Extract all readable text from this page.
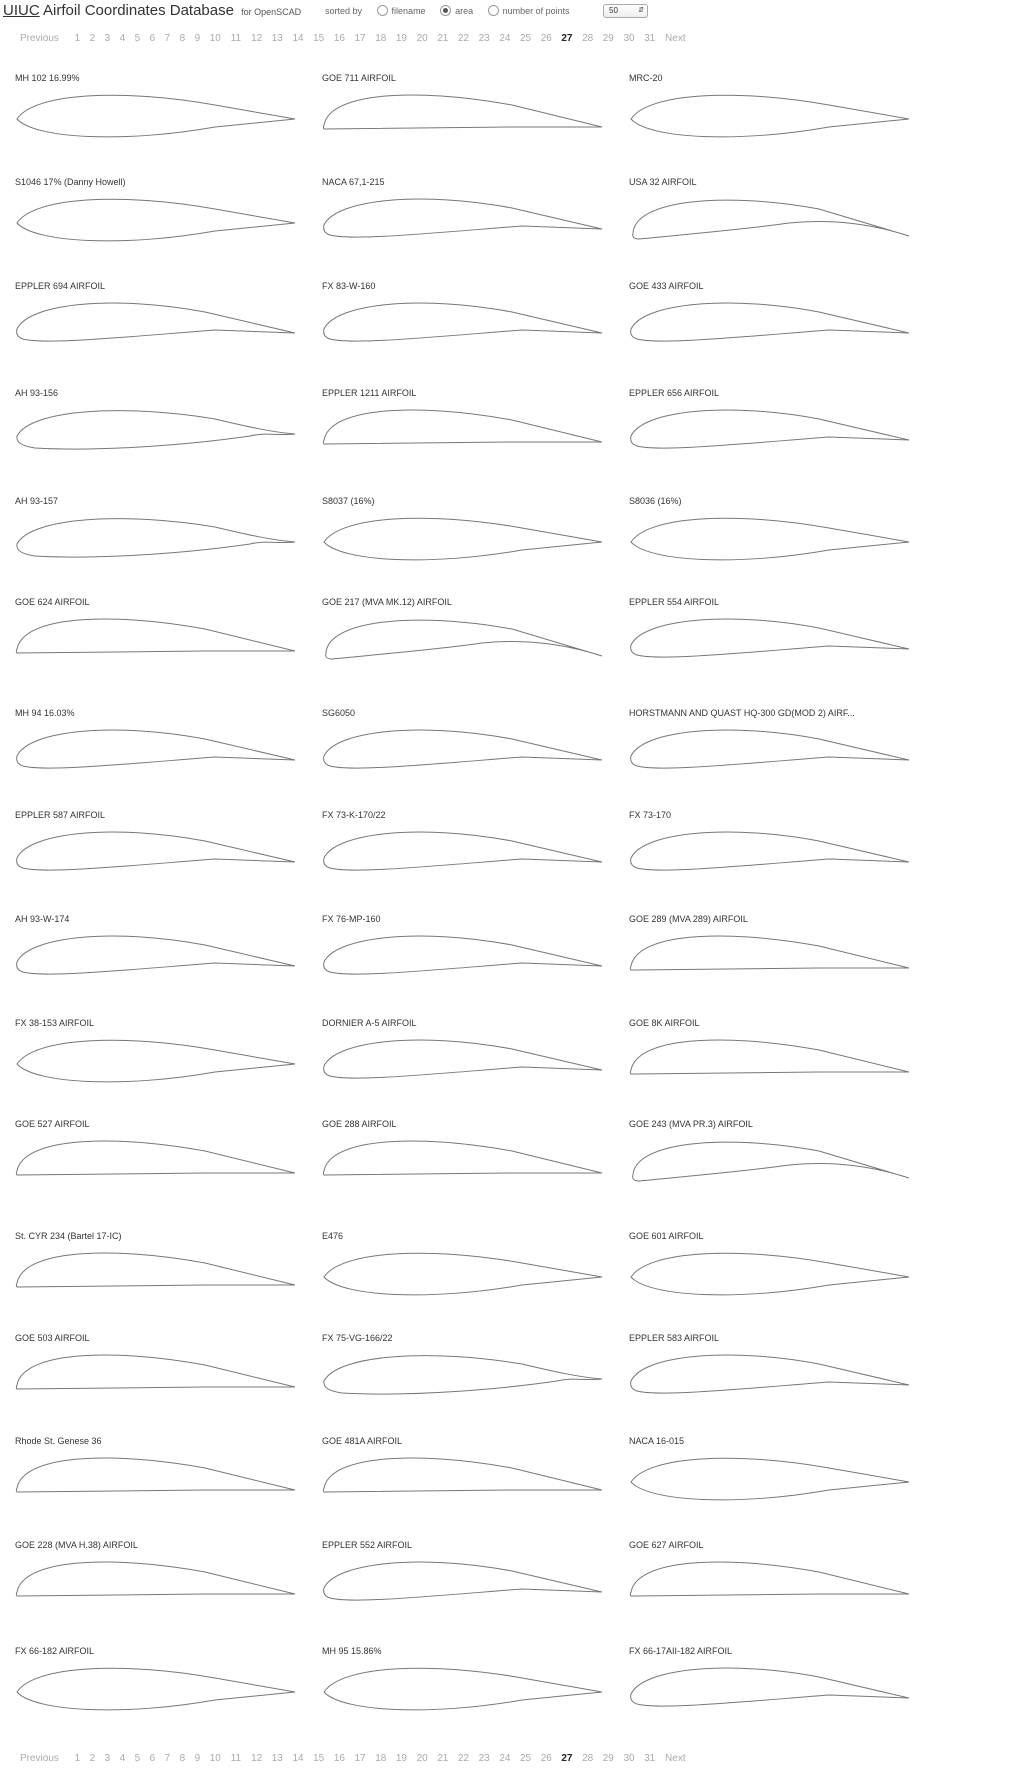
UIUC Airfoil Coordinates Database for OpenSCAD	sorted by	filename	area	number of points	50	⇵
Previous 1 2 3 4 5 6 7 8 9 10 11 12 13 14 15 16 17 18 19 20 21 22 23 24 25 26 27 28 29 30 31 Next
MH 102 16.99%	GOE 711 AIRFOIL	MRC-20
S1046 17% (Danny Howell)	NACA 67,1-215	USA 32 AIRFOIL
EPPLER 694 AIRFOIL	FX 83-W-160	GOE 433 AIRFOIL
AH 93-156	EPPLER 1211 AIRFOIL	EPPLER 656 AIRFOIL
AH 93-157	S8037 (16%)	S8036 (16%)
GOE 624 AIRFOIL	GOE 217 (MVA MK.12) AIRFOIL	EPPLER 554 AIRFOIL
MH 94 16.03%	SG6050	HORSTMANN AND QUAST HQ-300 GD(MOD 2) AIRF...
EPPLER 587 AIRFOIL	FX 73-K-170/22	FX 73-170
AH 93-W-174	FX 76-MP-160	GOE 289 (MVA 289) AIRFOIL
FX 38-153 AIRFOIL	DORNIER A-5 AIRFOIL	GOE 8K AIRFOIL
GOE 527 AIRFOIL	GOE 288 AIRFOIL	GOE 243 (MVA PR.3) AIRFOIL
St. CYR 234 (Bartel 17-IC)	E476	GOE 601 AIRFOIL
GOE 503 AIRFOIL	FX 75-VG-166/22	EPPLER 583 AIRFOIL
Rhode St. Genese 36	GOE 481A AIRFOIL	NACA 16-015
GOE 228 (MVA H.38) AIRFOIL	EPPLER 552 AIRFOIL	GOE 627 AIRFOIL
FX 66-182 AIRFOIL	MH 95 15.86%	FX 66-17AII-182 AIRFOIL
Previous 1 2 3 4 5 6 7 8 9 10 11 12 13 14 15 16 17 18 19 20 21 22 23 24 25 26 27 28 29 30 31 Next
